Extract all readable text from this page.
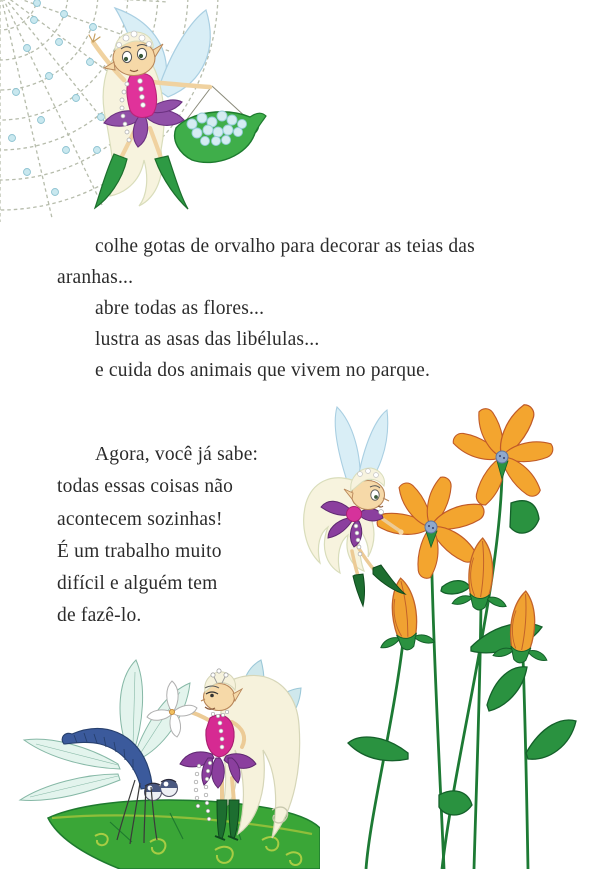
colhe gotas de orvalho para decorar as teias das
aranhas...
abre todas as flores...
lustra as asas das libélulas...
e cuida dos animais que vivem no parque.
Agora, você já sabe:
todas essas coisas não
acontecem sozinhas!
É um trabalho muito
difícil e alguém tem
de fazê-lo.
